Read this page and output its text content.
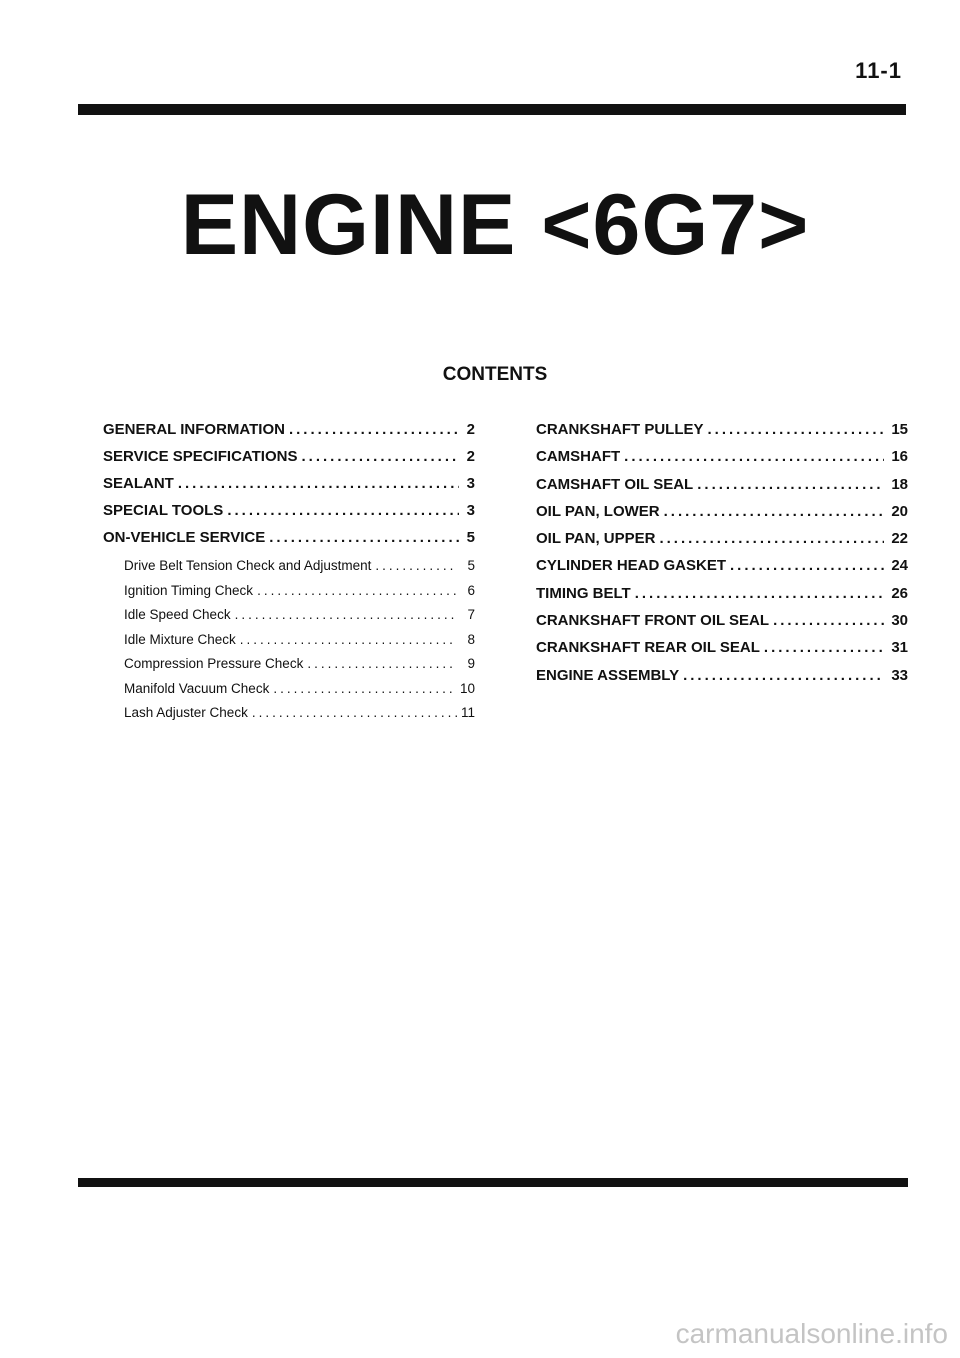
11-1
ENGINE <6G7>
CONTENTS
GENERAL INFORMATION .....	2
SERVICE SPECIFICATIONS .....	2
SEALANT .....	3
SPECIAL TOOLS .....	3
ON-VEHICLE SERVICE .....	5
Drive Belt Tension Check and Adjustment .....	5
Ignition Timing Check .....	6
Idle Speed Check .....	7
Idle Mixture Check .....	8
Compression Pressure Check .....	9
Manifold Vacuum Check .....	10
Lash Adjuster Check .....	11
CRANKSHAFT PULLEY .....	15
CAMSHAFT .....	16
CAMSHAFT OIL SEAL .....	18
OIL PAN, LOWER .....	20
OIL PAN, UPPER .....	22
CYLINDER HEAD GASKET .....	24
TIMING BELT .....	26
CRANKSHAFT FRONT OIL SEAL .....	30
CRANKSHAFT REAR OIL SEAL .....	31
ENGINE ASSEMBLY .....	33
carmanualsonline.info
